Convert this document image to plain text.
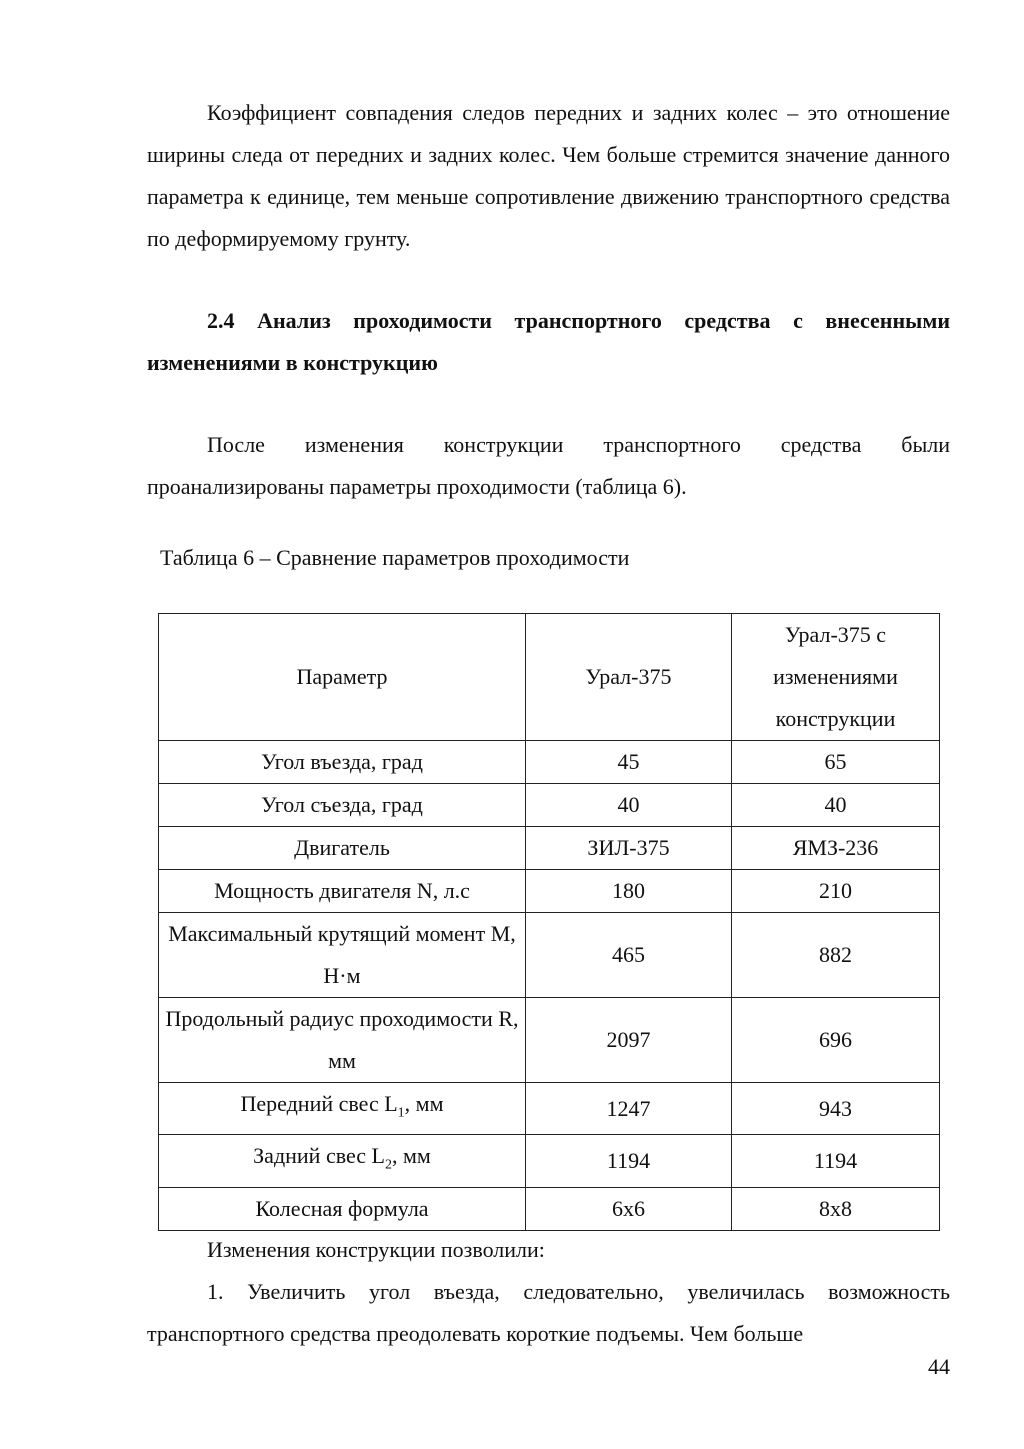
Коэффициент совпадения следов передних и задних колес – это отношение ширины следа от передних и задних колес. Чем больше стремится значение данного параметра к единице, тем меньше сопротивление движению транспортного средства по деформируемому грунту.

2.4 Анализ проходимости транспортного средства с внесенными изменениями в конструкцию

После изменения конструкции транспортного средства были проанализированы параметры проходимости (таблица 6).

Таблица 6 – Сравнение параметров проходимости

Параметр	Урал-375	Урал-375 с изменениями конструкции
Угол въезда, град	45	65
Угол съезда, град	40	40
Двигатель	ЗИЛ-375	ЯМЗ-236
Мощность двигателя N, л.с	180	210
Максимальный крутящий момент М, Н·м	465	882
Продольный радиус проходимости R, мм	2097	696
Передний свес $L_1$, мм	1247	943
Задний свес $L_2$, мм	1194	1194
Колесная формула	6х6	8х8

Изменения конструкции позволили:

1. Увеличить угол въезда, следовательно, увеличилась возможность транспортного средства преодолевать короткие подъемы. Чем больше

44
